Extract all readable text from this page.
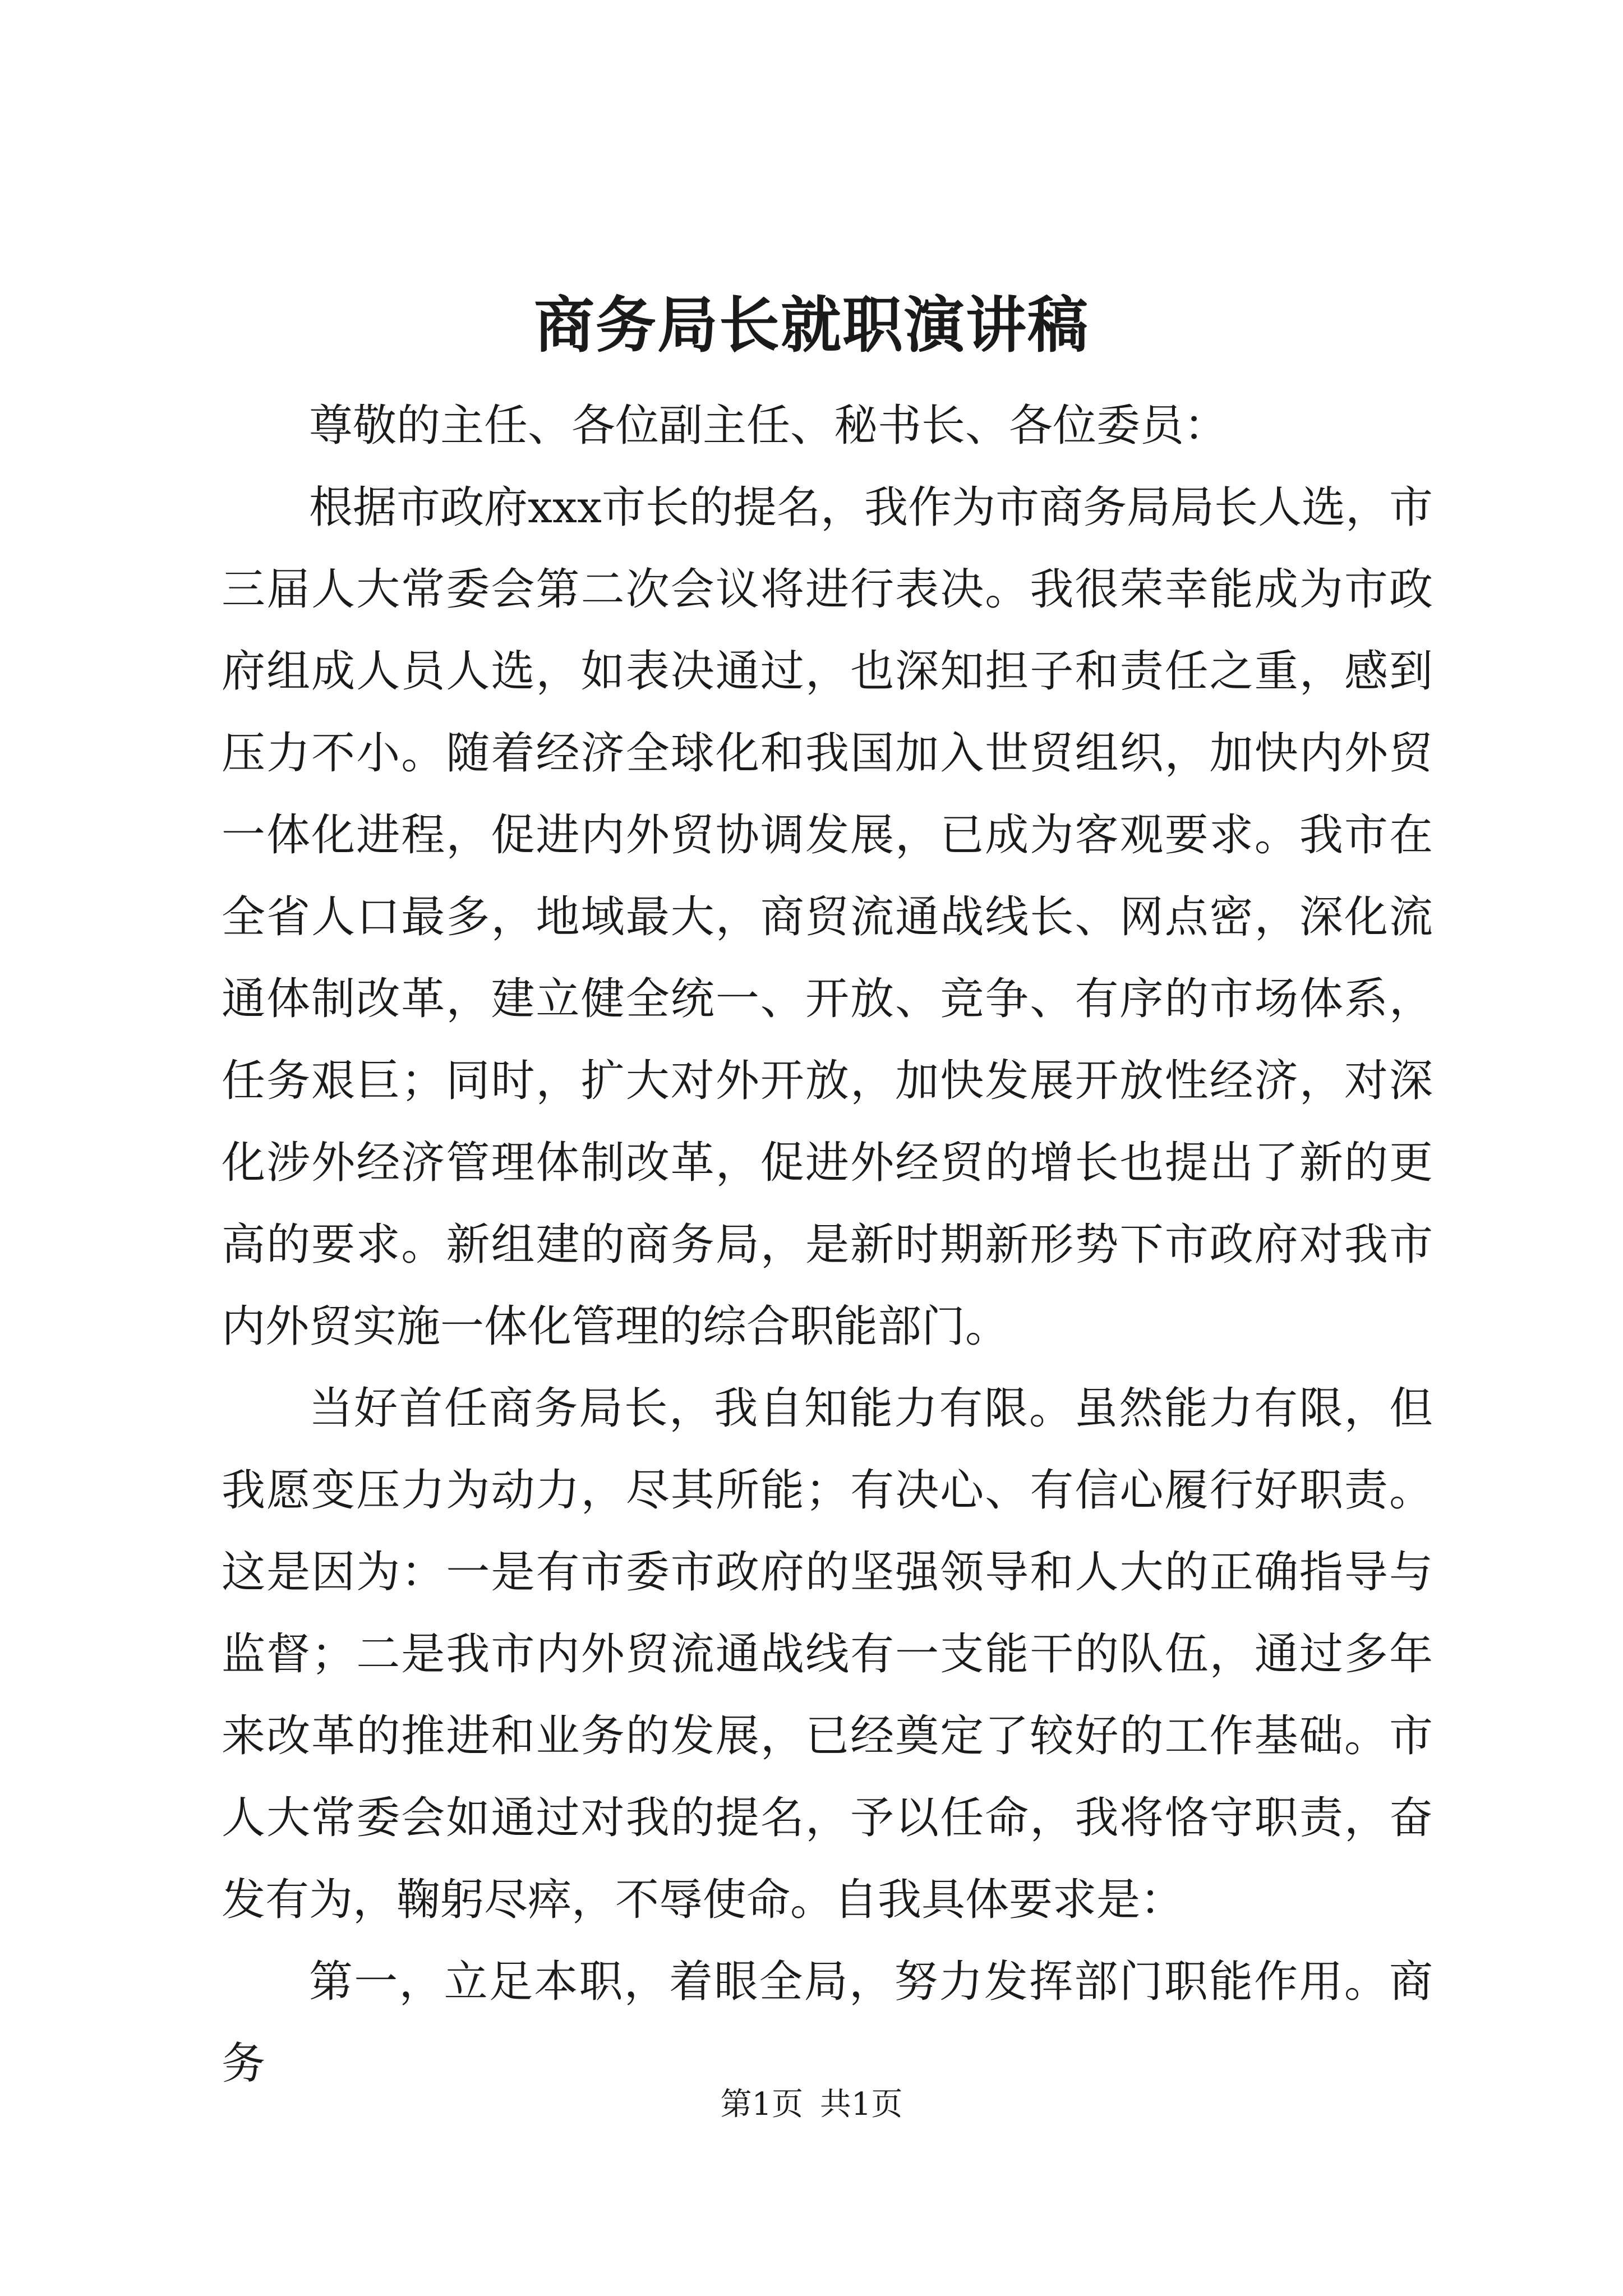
商务局长就职演讲稿

尊敬的主任、各位副主任、秘书长、各位委员：

根据市政府xxx市长的提名，我作为市商务局局长人选，市三届人大常委会第二次会议将进行表决。我很荣幸能成为市政府组成人员人选，如表决通过，也深知担子和责任之重，感到压力不小。随着经济全球化和我国加入世贸组织，加快内外贸一体化进程，促进内外贸协调发展，已成为客观要求。我市在全省人口最多，地域最大，商贸流通战线长、网点密，深化流通体制改革，建立健全统一、开放、竞争、有序的市场体系，任务艰巨；同时，扩大对外开放，加快发展开放性经济，对深化涉外经济管理体制改革，促进外经贸的增长也提出了新的更高的要求。新组建的商务局，是新时期新形势下市政府对我市内外贸实施一体化管理的综合职能部门。

当好首任商务局长，我自知能力有限。虽然能力有限，但我愿变压力为动力，尽其所能；有决心、有信心履行好职责。这是因为：一是有市委市政府的坚强领导和人大的正确指导与监督；二是我市内外贸流通战线有一支能干的队伍，通过多年来改革的推进和业务的发展，已经奠定了较好的工作基础。市人大常委会如通过对我的提名，予以任命，我将恪守职责，奋发有为，鞠躬尽瘁，不辱使命。自我具体要求是：

第一，立足本职，着眼全局，努力发挥部门职能作用。商务

第1页 共1页
